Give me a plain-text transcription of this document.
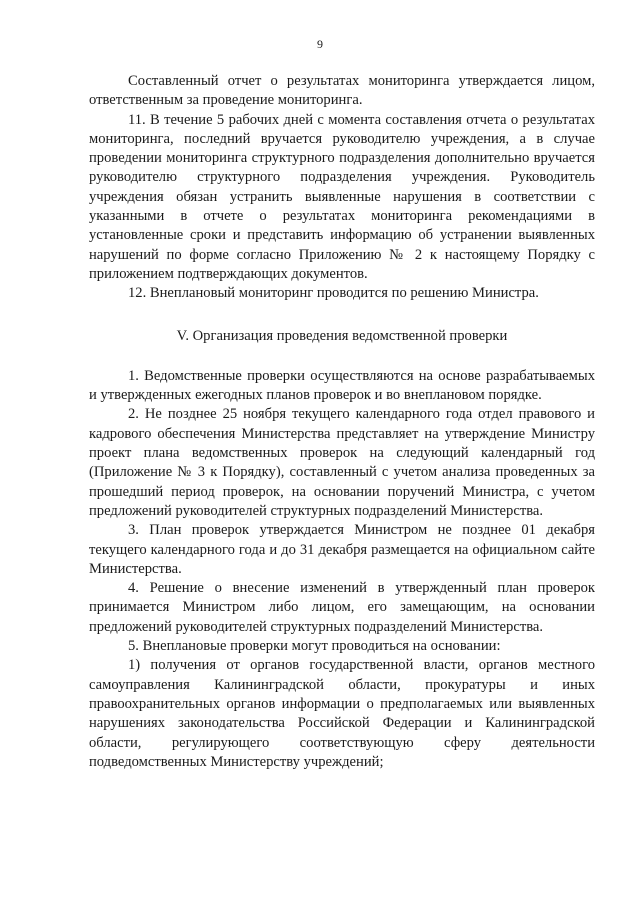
9

Составленный отчет о результатах мониторинга утверждается лицом, ответственным за проведение мониторинга.

11. В течение 5 рабочих дней с момента составления отчета о результатах мониторинга, последний вручается руководителю учреждения, а в случае проведении мониторинга структурного подразделения дополнительно вручается руководителю структурного подразделения учреждения. Руководитель учреждения обязан устранить выявленные нарушения в соответствии с указанными в отчете о результатах мониторинга рекомендациями в установленные сроки и представить информацию об устранении выявленных нарушений по форме согласно Приложению № 2 к настоящему Порядку с приложением подтверждающих документов.

12. Внеплановый мониторинг проводится по решению Министра.

V. Организация проведения ведомственной проверки

1. Ведомственные проверки осуществляются на основе разрабатываемых и утвержденных ежегодных планов проверок и во внеплановом порядке.

2. Не позднее 25 ноября текущего календарного года отдел правового и кадрового обеспечения Министерства представляет на утверждение Министру проект плана ведомственных проверок на следующий календарный год (Приложение № 3 к Порядку), составленный с учетом анализа проведенных за прошедший период проверок, на основании поручений Министра, с учетом предложений руководителей структурных подразделений Министерства.

3. План проверок утверждается Министром не позднее 01 декабря текущего календарного года и до 31 декабря размещается на официальном сайте Министерства.

4. Решение о внесение изменений в утвержденный план проверок принимается Министром либо лицом, его замещающим, на основании предложений руководителей структурных подразделений Министерства.

5. Внеплановые проверки могут проводиться на основании:

1) получения от органов государственной власти, органов местного самоуправления Калининградской области, прокуратуры и иных правоохранительных органов информации о предполагаемых или выявленных нарушениях законодательства Российской Федерации и Калининградской области, регулирующего соответствующую сферу деятельности подведомственных Министерству учреждений;
